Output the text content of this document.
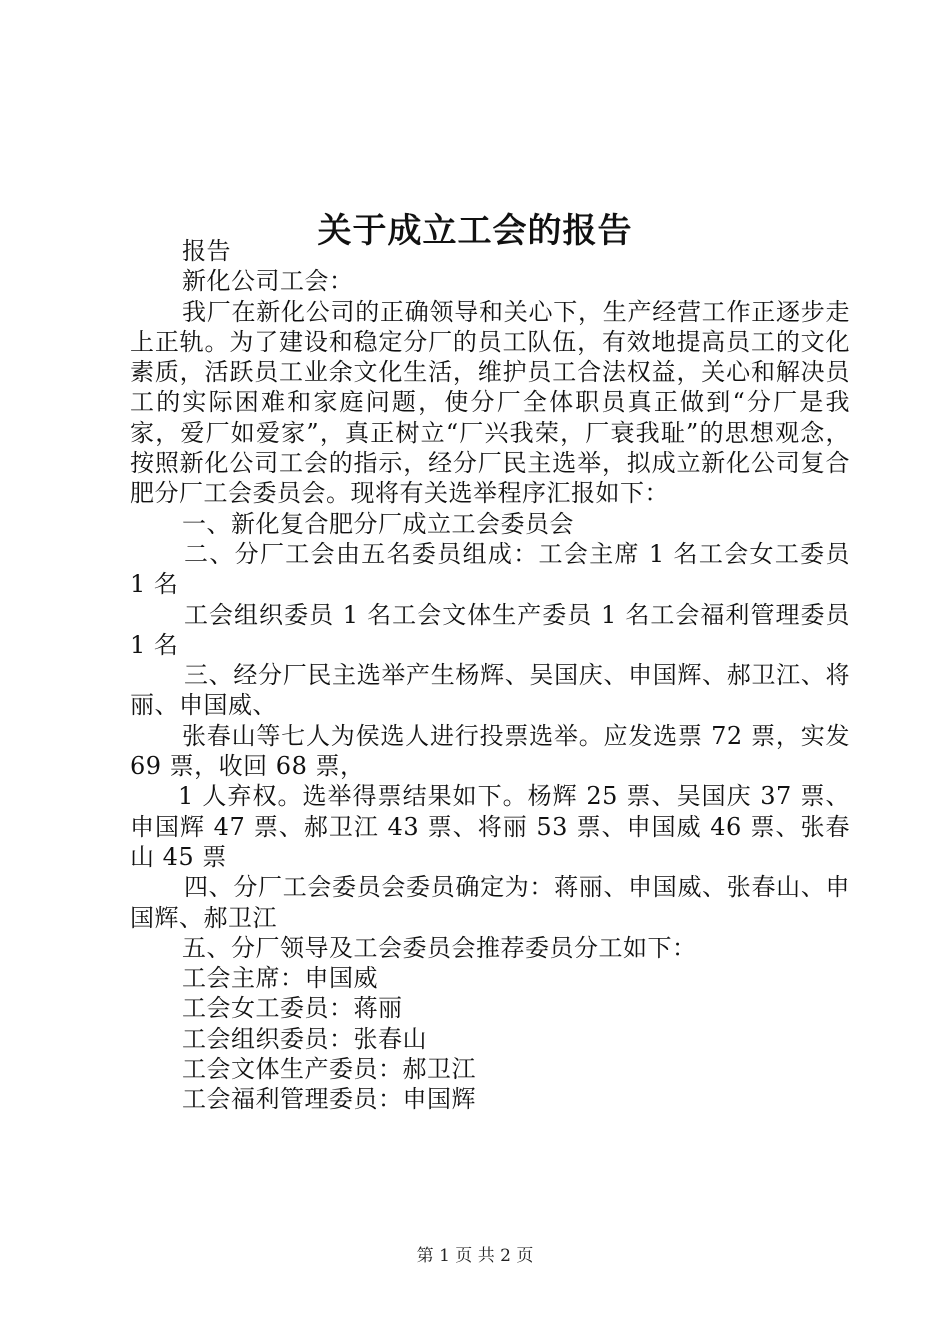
关于成立工会的报告

报告

新化公司工会：

我厂在新化公司的正确领导和关心下，生产经营工作正逐步走上正轨。为了建设和稳定分厂的员工队伍，有效地提高员工的文化素质，活跃员工业余文化生活，维护员工合法权益，关心和解决员工的实际困难和家庭问题，使分厂全体职员真正做到“分厂是我家，爱厂如爱家”，真正树立“厂兴我荣，厂衰我耻”的思想观念，按照新化公司工会的指示，经分厂民主选举，拟成立新化公司复合肥分厂工会委员会。现将有关选举程序汇报如下：

一、新化复合肥分厂成立工会委员会

二、分厂工会由五名委员组成：工会主席 1 名工会女工委员 1 名

工会组织委员 1 名工会文体生产委员 1 名工会福利管理委员 1 名

三、经分厂民主选举产生杨辉、吴国庆、申国辉、郝卫江、将丽、申国威、

张春山等七人为侯选人进行投票选举。应发选票 72 票，实发 69 票，收回 68 票，

1 人弃权。选举得票结果如下。杨辉 25 票、吴国庆 37 票、申国辉 47 票、郝卫江 43 票、将丽 53 票、申国威 46 票、张春山 45 票

四、分厂工会委员会委员确定为：蒋丽、申国威、张春山、申国辉、郝卫江

五、分厂领导及工会委员会推荐委员分工如下：

工会主席：申国威

工会女工委员：蒋丽

工会组织委员：张春山

工会文体生产委员：郝卫江

工会福利管理委员：申国辉

第 1 页 共 2 页
